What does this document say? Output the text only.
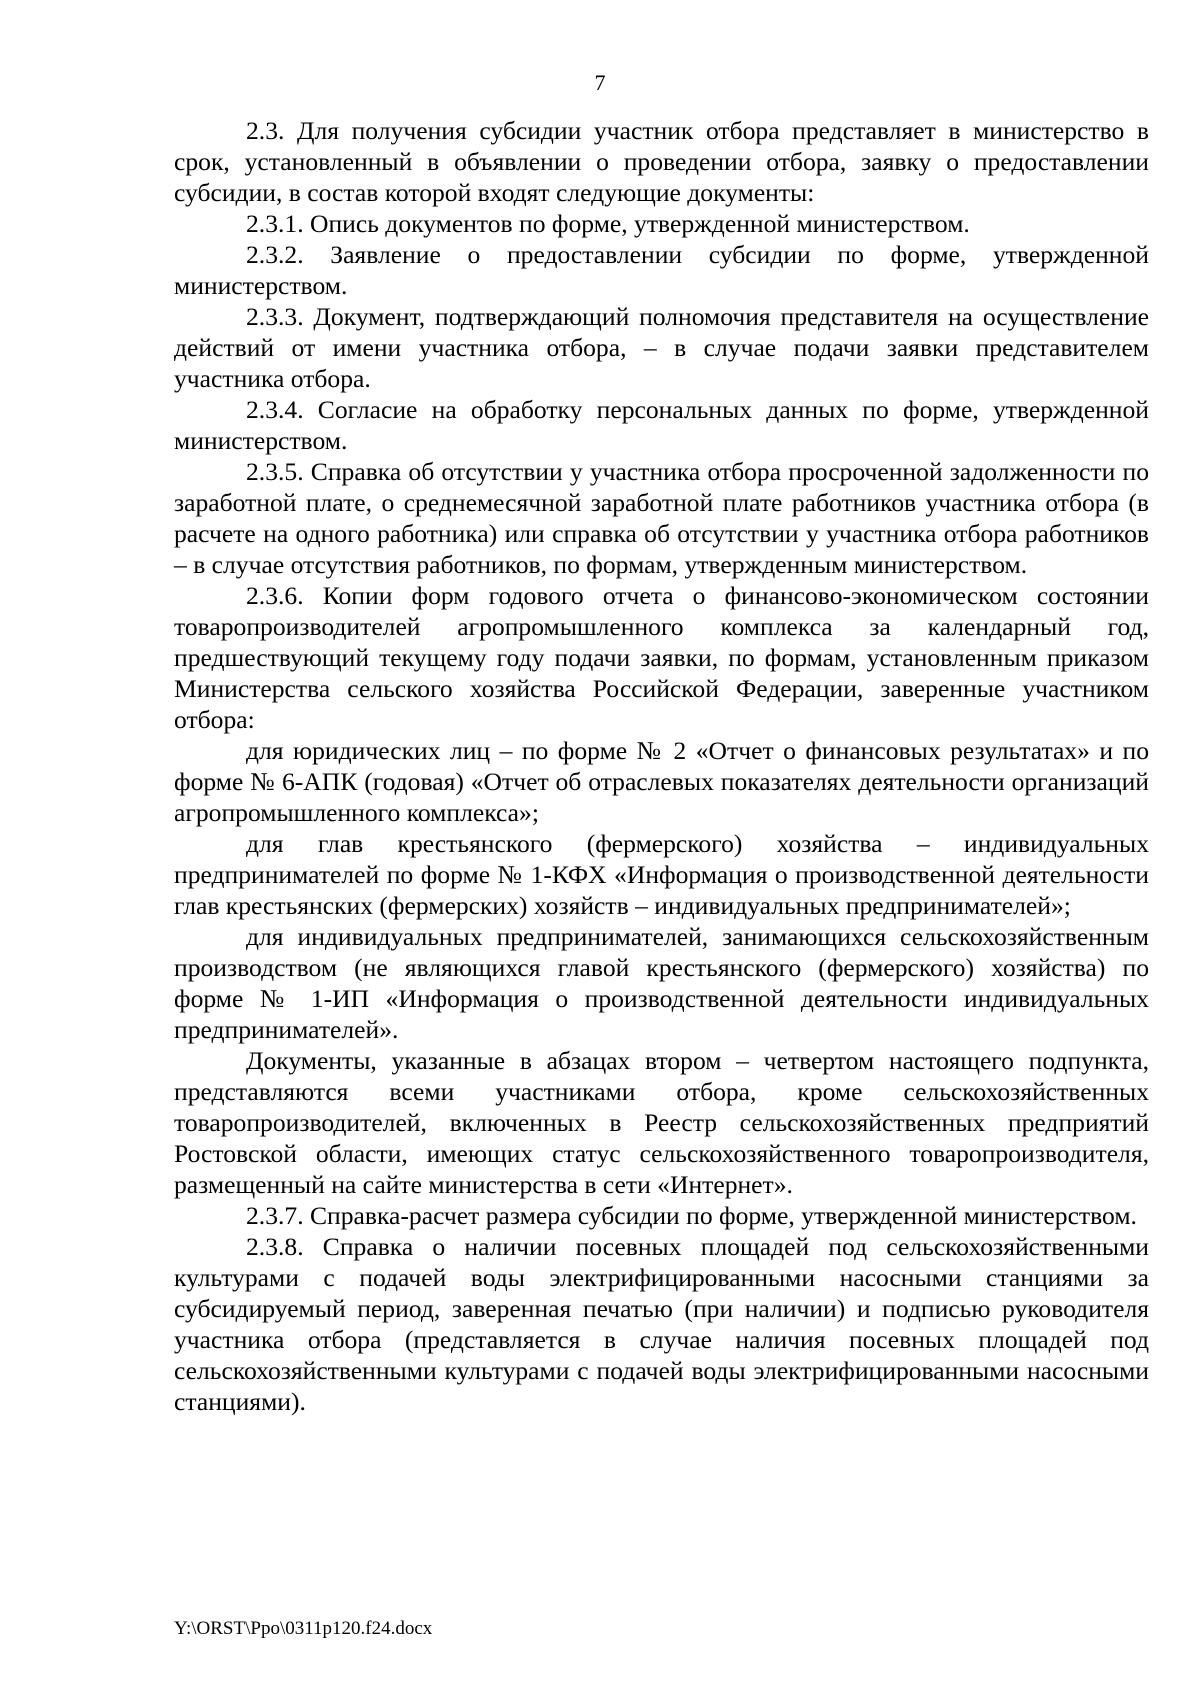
7

2.3. Для получения субсидии участник отбора представляет в министерство в срок, установленный в объявлении о проведении отбора, заявку о предоставлении субсидии, в состав которой входят следующие документы:

2.3.1. Опись документов по форме, утвержденной министерством.

2.3.2. Заявление о предоставлении субсидии по форме, утвержденной министерством.

2.3.3. Документ, подтверждающий полномочия представителя на осуществление действий от имени участника отбора, – в случае подачи заявки представителем участника отбора.

2.3.4. Согласие на обработку персональных данных по форме, утвержденной министерством.

2.3.5. Справка об отсутствии у участника отбора просроченной задолженности по заработной плате, о среднемесячной заработной плате работников участника отбора (в расчете на одного работника) или справка об отсутствии у участника отбора работников – в случае отсутствия работников, по формам, утвержденным министерством.

2.3.6. Копии форм годового отчета о финансово-экономическом состоянии товаропроизводителей агропромышленного комплекса за календарный год, предшествующий текущему году подачи заявки, по формам, установленным приказом Министерства сельского хозяйства Российской Федерации, заверенные участником отбора:

для юридических лиц – по форме № 2 «Отчет о финансовых результатах» и по форме № 6-АПК (годовая) «Отчет об отраслевых показателях деятельности организаций агропромышленного комплекса»;

для глав крестьянского (фермерского) хозяйства – индивидуальных предпринимателей по форме № 1-КФХ «Информация о производственной деятельности глав крестьянских (фермерских) хозяйств – индивидуальных предпринимателей»;

для индивидуальных предпринимателей, занимающихся сельскохозяйственным производством (не являющихся главой крестьянского (фермерского) хозяйства) по форме № 1-ИП «Информация о производственной деятельности индивидуальных предпринимателей».

Документы, указанные в абзацах втором – четвертом настоящего подпункта, представляются всеми участниками отбора, кроме сельскохозяйственных товаропроизводителей, включенных в Реестр сельскохозяйственных предприятий Ростовской области, имеющих статус сельскохозяйственного товаропроизводителя, размещенный на сайте министерства в сети «Интернет».

2.3.7. Справка-расчет размера субсидии по форме, утвержденной министерством.

2.3.8. Справка о наличии посевных площадей под сельскохозяйственными культурами с подачей воды электрифицированными насосными станциями за субсидируемый период, заверенная печатью (при наличии) и подписью руководителя участника отбора (представляется в случае наличия посевных площадей под сельскохозяйственными культурами с подачей воды электрифицированными насосными станциями).

Y:\ORST\Ppo\0311p120.f24.docx
